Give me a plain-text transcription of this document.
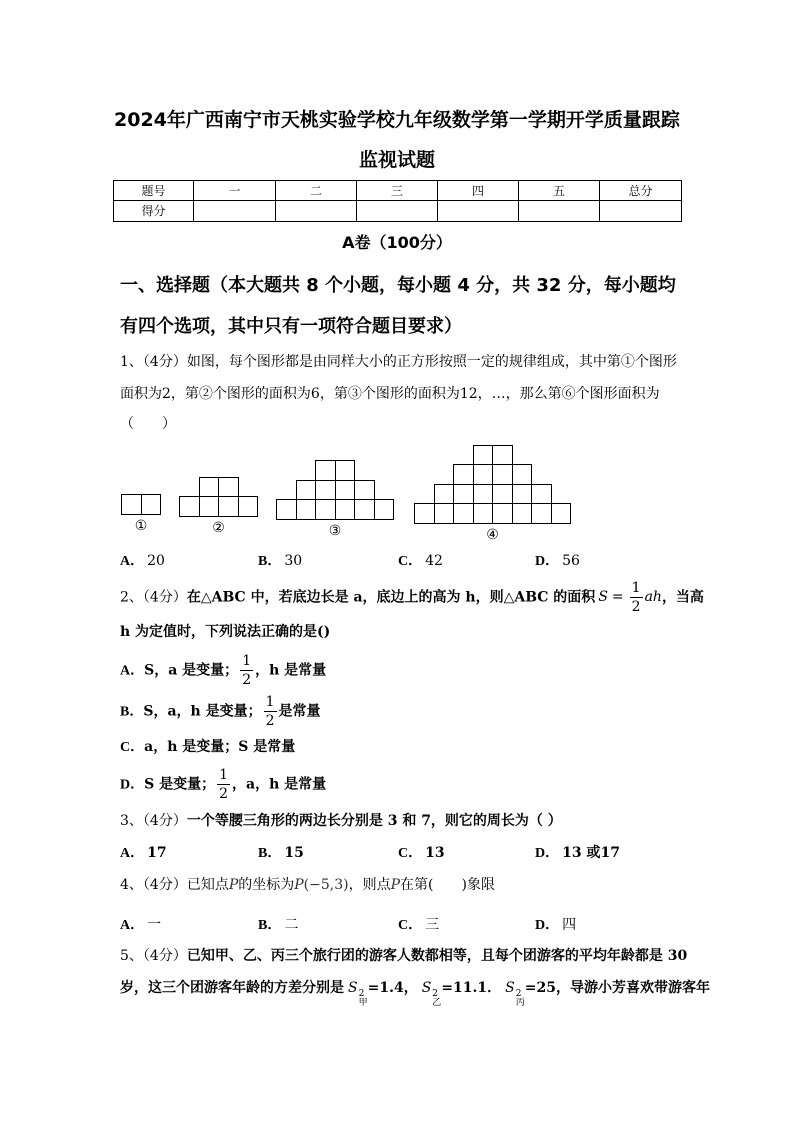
2024年广西南宁市天桃实验学校九年级数学第一学期开学质量跟踪
监视试题
题号	一	二	三	四	五	总分
得分						
A卷（100分）
一、选择题（本大题共 8 个小题，每小题 4 分，共 32 分，每小题均
有四个选项，其中只有一项符合题目要求）
1、（4分）如图，每个图形都是由同样大小的正方形按照一定的规律组成，其中第①个图形
面积为2，第②个图形的面积为6，第③个图形的面积为12，…，那么第⑥个图形面积为
（　　）
①	②	③	④
A． 20	B． 30	C． 42	D． 56
2、（4分）在△ABC 中，若底边长是 a，底边上的高为 h，则△ABC 的面积 $S = \frac{1}{2}$ ah，当高
h 为定值时，下列说法正确的是()
A．S，a 是变量； $\frac{1}{2}$ ，h 是常量
B．S，a，h 是变量； $\frac{1}{2}$ 是常量
C．a，h 是变量；S 是常量
D．S 是变量； $\frac{1}{2}$ ，a，h 是常量
3、（4分）一个等腰三角形的两边长分别是 3 和 7，则它的周长为（ ）
A． 17	B． 15	C． 13	D． 13 或17
4、（4分）已知点P的坐标为P(−5,3)，则点P在第(　　)象限
A． 一	B． 二	C． 三	D． 四
5、（4分）已知甲、乙、丙三个旅行团的游客人数都相等，且每个团游客的平均年龄都是 30
岁，这三个团游客年龄的方差分别是 S 2
甲
=1.4， S 2
乙
=11.1． S 2
丙
=25，导游小芳喜欢带游客年
